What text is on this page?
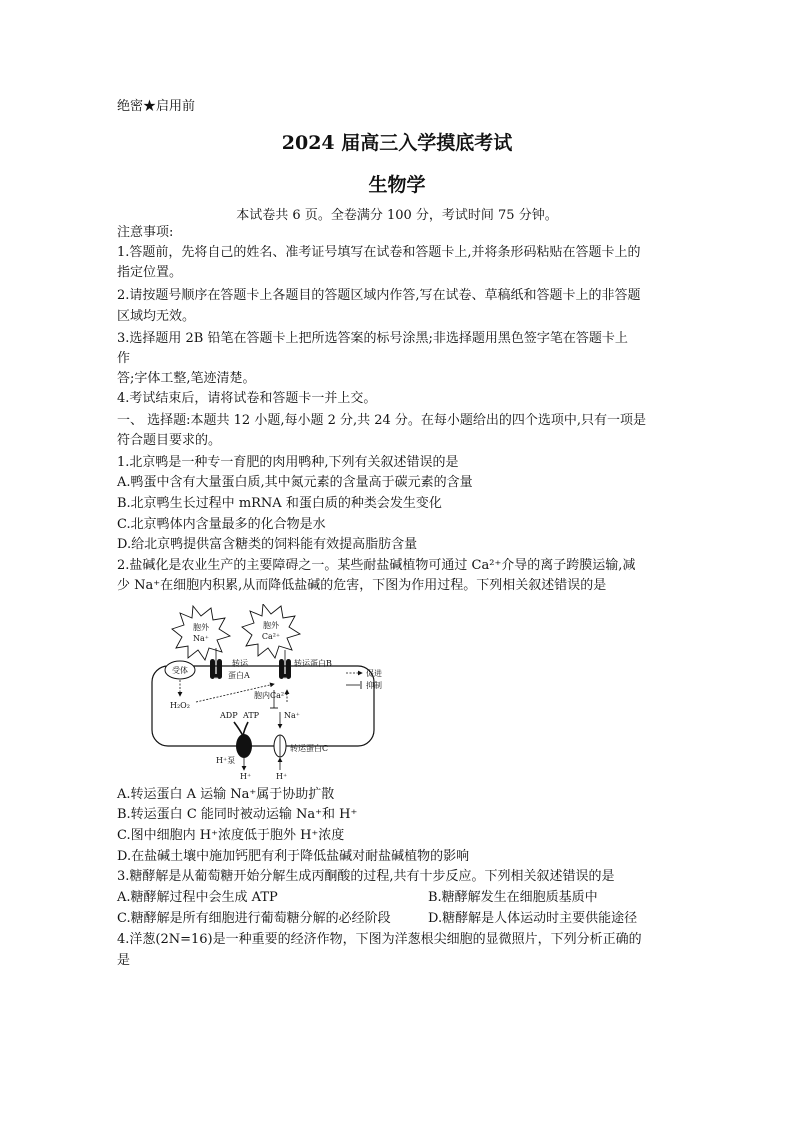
绝密★启用前
2024 届高三入学摸底考试
生物学
本试卷共 6 页。全卷满分 100 分，考试时间 75 分钟。
注意事项:
1.答题前，先将自己的姓名、准考证号填写在试卷和答题卡上,并将条形码粘贴在答题卡上的
指定位置。
2.请按题号顺序在答题卡上各题目的答题区域内作答,写在试卷、草稿纸和答题卡上的非答题
区域均无效。
3.选择题用 2B 铅笔在答题卡上把所选答案的标号涂黑;非选择题用黑色签字笔在答题卡上
作
答;字体工整,笔迹清楚。
4.考试结束后，请将试卷和答题卡一并上交。
一、 选择题:本题共 12 小题,每小题 2 分,共 24 分。在每小题给出的四个选项中,只有一项是
符合题目要求的。
1.北京鸭是一种专一育肥的肉用鸭种,下列有关叙述错误的是
A.鸭蛋中含有大量蛋白质,其中氮元素的含量高于碳元素的含量
B.北京鸭生长过程中 mRNA 和蛋白质的种类会发生变化
C.北京鸭体内含量最多的化合物是水
D.给北京鸭提供富含糖类的饲料能有效提高脂肪含量
2.盐碱化是农业生产的主要障碍之一。某些耐盐碱植物可通过 Ca²⁺介导的离子跨膜运输,减
少 Na⁺在细胞内积累,从而降低盐碱的危害，下图为作用过程。下列相关叙述错误的是
胞外
Na⁺
胞外
Ca²⁺
受体
转运
蛋白A
转运蛋白B
促进
抑制
H₂O₂
胞内Ca²⁺
Na⁺
ADP ATP
H⁺泵
H⁺
转运蛋白C
H⁺
A.转运蛋白 A 运输 Na⁺属于协助扩散
B.转运蛋白 C 能同时被动运输 Na⁺和 H⁺
C.图中细胞内 H⁺浓度低于胞外 H⁺浓度
D.在盐碱土壤中施加钙肥有利于降低盐碱对耐盐碱植物的影响
3.糖酵解是从葡萄糖开始分解生成丙酮酸的过程,共有十步反应。下列相关叙述错误的是
A.糖酵解过程中会生成 ATP	B.糖酵解发生在细胞质基质中
C.糖酵解是所有细胞进行葡萄糖分解的必经阶段	D.糖酵解是人体运动时主要供能途径
4.洋葱(2N=16)是一种重要的经济作物，下图为洋葱根尖细胞的显微照片，下列分析正确的
是
